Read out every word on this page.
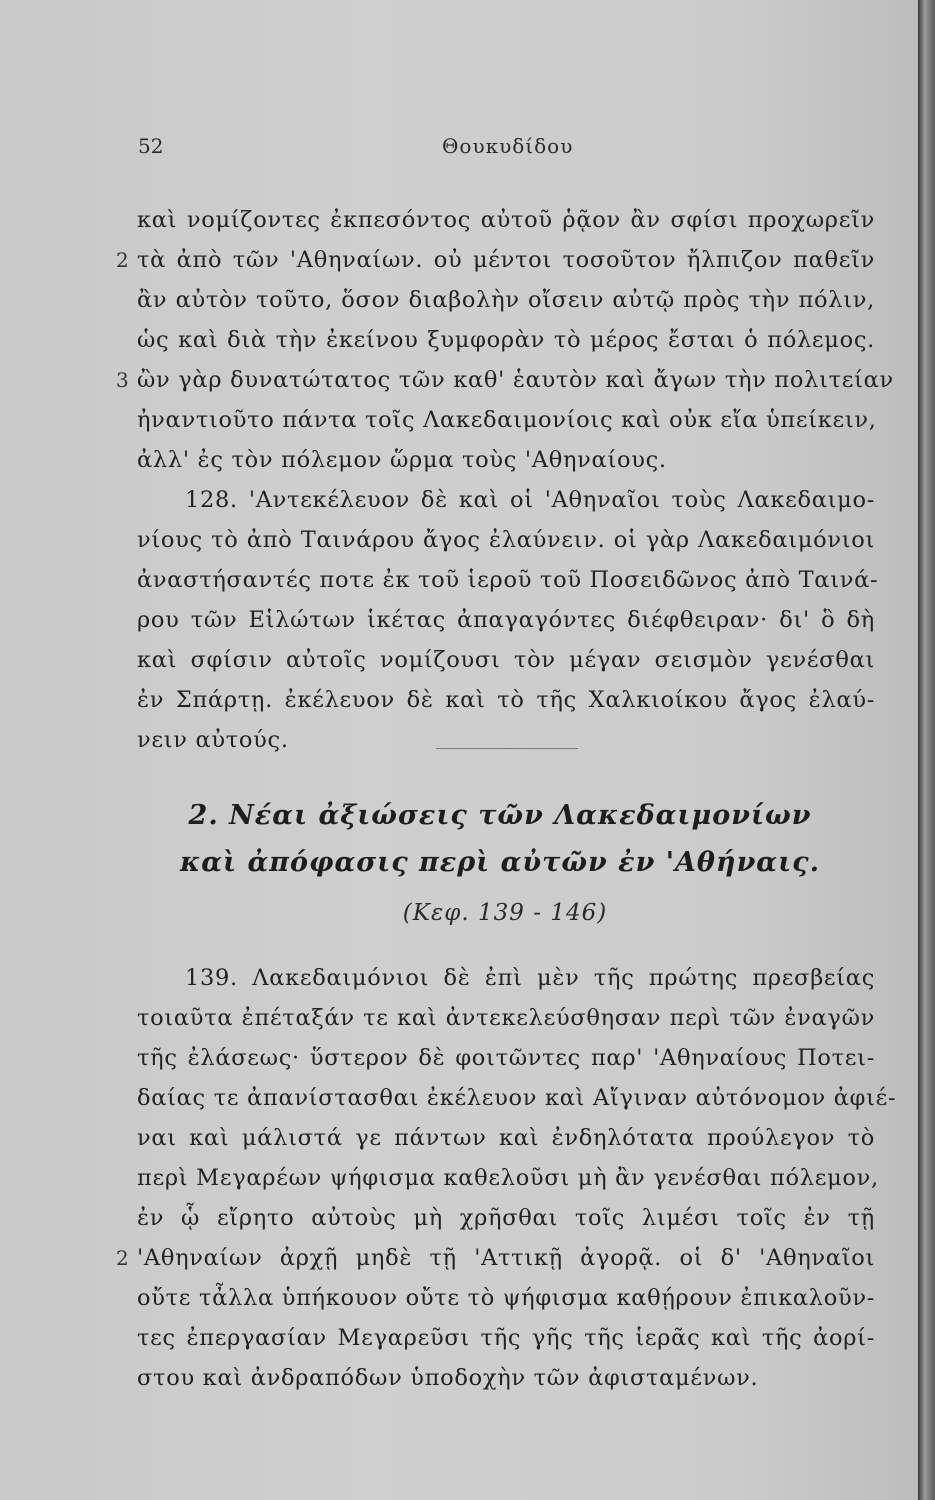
52	Θουκυδίδου
καὶ νομίζοντες ἐκπεσόντος αὐτοῦ ῥᾷον ἂν σφίσι προχωρεῖν
2 τὰ ἀπὸ τῶν 'Αθηναίων. οὐ μέντοι τοσοῦτον ἤλπιζον παθεῖν
ἂν αὐτὸν τοῦτο, ὅσον διαβολὴν οἴσειν αὐτῷ πρὸς τὴν πόλιν,
ὡς καὶ διὰ τὴν ἐκείνου ξυμφορὰν τὸ μέρος ἔσται ὁ πόλεμος.
3 ὢν γὰρ δυνατώτατος τῶν καθ' ἑαυτὸν καὶ ἄγων τὴν πολιτείαν
ἠναντιοῦτο πάντα τοῖς Λακεδαιμονίοις καὶ οὐκ εἴα ὑπείκειν,
ἀλλ' ἐς τὸν πόλεμον ὥρμα τοὺς 'Αθηναίους.
128. 'Αντεκέλευον δὲ καὶ οἱ 'Αθηναῖοι τοὺς Λακεδαιμο-
νίους τὸ ἀπὸ Ταινάρου ἄγος ἐλαύνειν. οἱ γὰρ Λακεδαιμόνιοι
ἀναστήσαντές ποτε ἐκ τοῦ ἱεροῦ τοῦ Ποσειδῶνος ἀπὸ Ταινά-
ρου τῶν Εἱλώτων ἱκέτας ἀπαγαγόντες διέφθειραν· δι' ὃ δὴ
καὶ σφίσιν αὐτοῖς νομίζουσι τὸν μέγαν σεισμὸν γενέσθαι
ἐν Σπάρτῃ. ἐκέλευον δὲ καὶ τὸ τῆς Χαλκιοίκου ἄγος ἐλαύ-
νειν αὐτούς.
2. Νέαι ἀξιώσεις τῶν Λακεδαιμονίων
καὶ ἀπόφασις περὶ αὐτῶν ἐν 'Αθήναις.
(Κεφ. 139 - 146)
139. Λακεδαιμόνιοι δὲ ἐπὶ μὲν τῆς πρώτης πρεσβείας
τοιαῦτα ἐπέταξάν τε καὶ ἀντεκελεύσθησαν περὶ τῶν ἐναγῶν
τῆς ἐλάσεως· ὕστερον δὲ φοιτῶντες παρ' 'Αθηναίους Ποτει-
δαίας τε ἀπανίστασθαι ἐκέλευον καὶ Αἴγιναν αὐτόνομον ἀφιέ-
ναι καὶ μάλιστά γε πάντων καὶ ἐνδηλότατα προύλεγον τὸ
περὶ Μεγαρέων ψήφισμα καθελοῦσι μὴ ἂν γενέσθαι πόλεμον,
ἐν ᾧ εἴρητο αὐτοὺς μὴ χρῆσθαι τοῖς λιμέσι τοῖς ἐν τῇ
2 'Αθηναίων ἀρχῇ μηδὲ τῇ 'Αττικῇ ἀγορᾷ. οἱ δ' 'Αθηναῖοι
οὔτε τἆλλα ὑπήκουον οὔτε τὸ ψήφισμα καθῄρουν ἐπικαλοῦν-
τες ἐπεργασίαν Μεγαρεῦσι τῆς γῆς τῆς ἱερᾶς καὶ τῆς ἀορί-
στου καὶ ἀνδραπόδων ὑποδοχὴν τῶν ἀφισταμένων.
